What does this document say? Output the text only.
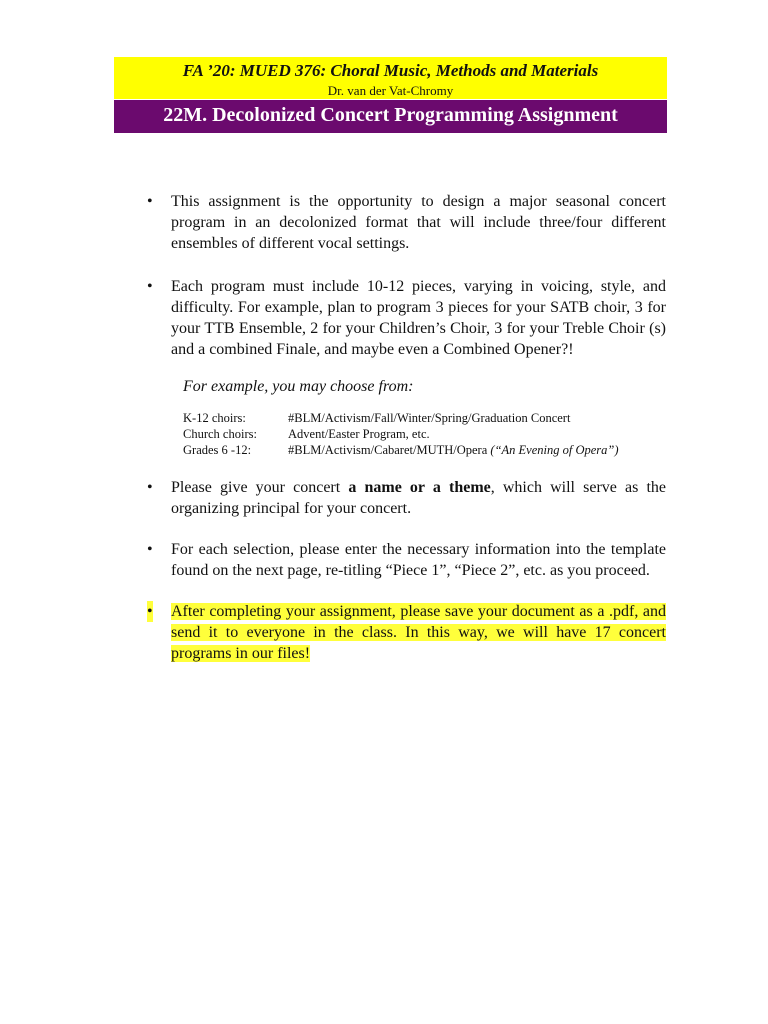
FA ’20: MUED 376: Choral Music, Methods and Materials
Dr. van der Vat-Chromy
22M. Decolonized Concert Programming Assignment
• This assignment is the opportunity to design a major seasonal concert program in an decolonized format that will include three/four different ensembles of different vocal settings.
• Each program must include 10-12 pieces, varying in voicing, style, and difficulty. For example, plan to program 3 pieces for your SATB choir, 3 for your TTB Ensemble, 2 for your Children’s Choir, 3 for your Treble Choir (s) and a combined Finale, and maybe even a Combined Opener?!
For example, you may choose from:
K-12 choirs:	#BLM/Activism/Fall/Winter/Spring/Graduation Concert
Church choirs:	Advent/Easter Program, etc.
Grades 6 -12:	#BLM/Activism/Cabaret/MUTH/Opera (“An Evening of Opera”)
• Please give your concert a name or a theme, which will serve as the organizing principal for your concert.
• For each selection, please enter the necessary information into the template found on the next page, re-titling “Piece 1”, “Piece 2”, etc. as you proceed.
• After completing your assignment, please save your document as a .pdf, and send it to everyone in the class. In this way, we will have 17 concert programs in our files!
